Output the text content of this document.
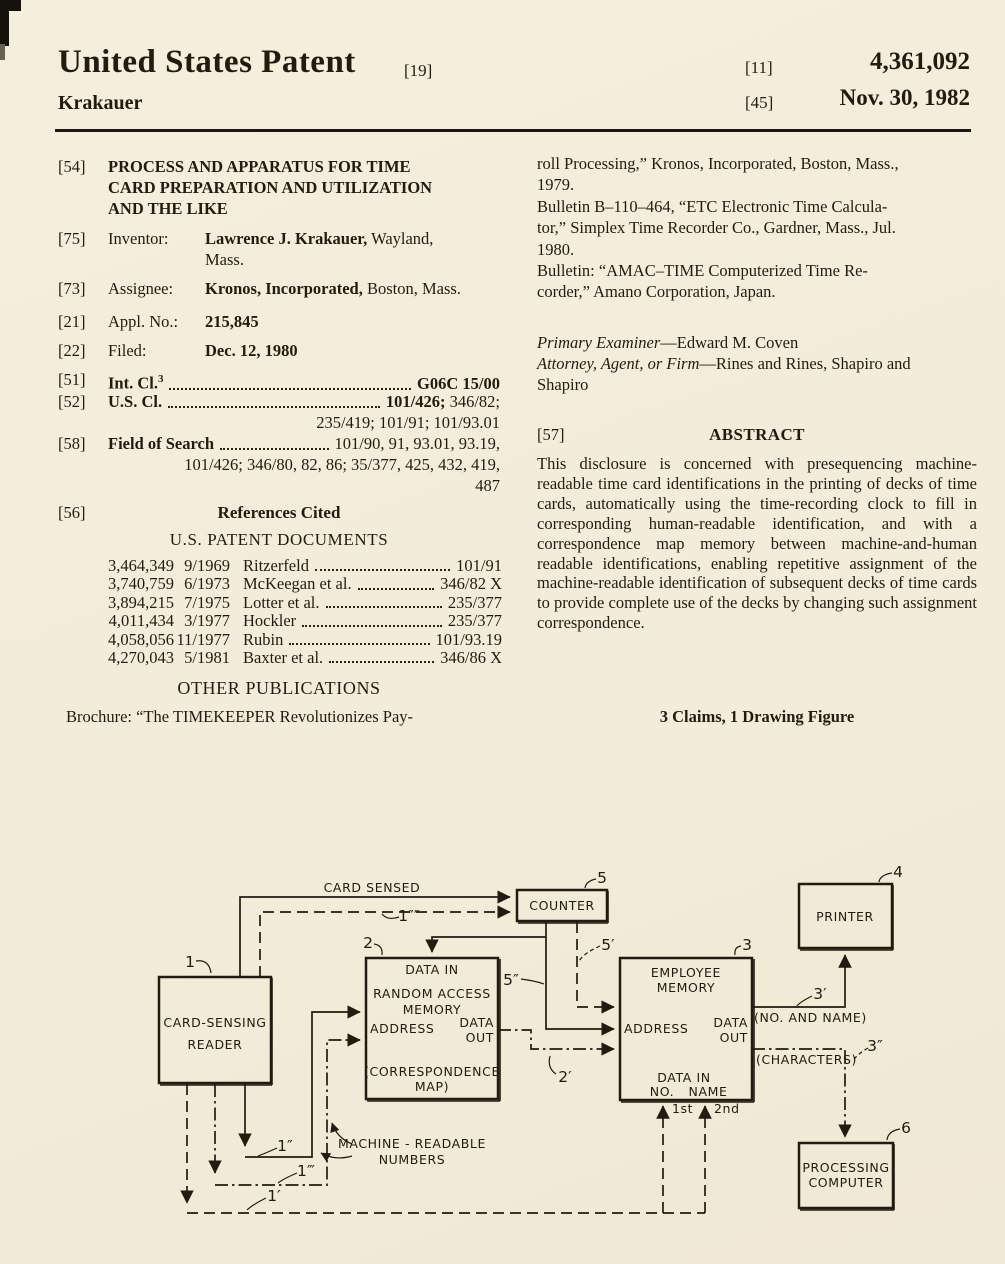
United States Patent	[19]
Krakauer
[11]	4,361,092
[45]	Nov. 30, 1982
[54] PROCESS AND APPARATUS FOR TIME
CARD PREPARATION AND UTILIZATION
AND THE LIKE
[75] Inventor: Lawrence J. Krakauer, Wayland,
Mass.
[73] Assignee: Kronos, Incorporated, Boston, Mass.
[21] Appl. No.: 215,845
[22] Filed:	Dec. 12, 1980
[51] Int. Cl.$^3$	G06C 15/00
[52] U.S. Cl.	101/426; 346/82;
235/419; 101/91; 101/93.01
[58] Field of Search	101/90, 91, 93.01, 93.19,
101/426; 346/80, 82, 86; 35/377, 425, 432, 419,
487
[56]	References Cited
U.S. PATENT DOCUMENTS
3,464,349 9/1969 Ritzerfeld	101/91
3,740,759 6/1973 McKeegan et al.	346/82 X
3,894,215 7/1975 Lotter et al.	235/377
4,011,434 3/1977 Hockler	235/377
4,058,056 11/1977 Rubin	101/93.19
4,270,043 5/1981 Baxter et al.	346/86 X
OTHER PUBLICATIONS
Brochure: “The TIMEKEEPER Revolutionizes Pay-
roll Processing,” Kronos, Incorporated, Boston, Mass.,
1979.
Bulletin B–110–464, “ETC Electronic Time Calcula-
tor,” Simplex Time Recorder Co., Gardner, Mass., Jul.
1980.
Bulletin: “AMAC–TIME Computerized Time Re-
corder,” Amano Corporation, Japan.
Primary Examiner—Edward M. Coven
Attorney, Agent, or Firm—Rines and Rines, Shapiro and
Shapiro
[57]	ABSTRACT
This disclosure is concerned with presequencing machine-readable time card identifications in the printing of decks of time cards, automatically using the time-recording clock to fill in corresponding human-readable identification, and with a correspondence map memory between machine-and-human readable identifications, enabling repetitive assignment of the machine-readable identification of subsequent decks of time cards to provide complete use of the decks by changing such assignment correspondence.
3 Claims, 1 Drawing Figure
CARD-SENSING
READER
DATA IN
RANDOM ACCESS
MEMORY
ADDRESS DATA
OUT
(CORRESPONDENCE
MAP)
COUNTER
EMPLOYEE
MEMORY
ADDRESS DATA
OUT
DATA IN
NO. NAME
PRINTER
PROCESSING
COMPUTER
CARD SENSED
(NO. AND NAME)
(CHARACTERS)
MACHINE - READABLE
NUMBERS
1st 2nd
1
2
5	4
3
6
5′
5″
2′
3′
3″
1″
1‴
1′
1″″
